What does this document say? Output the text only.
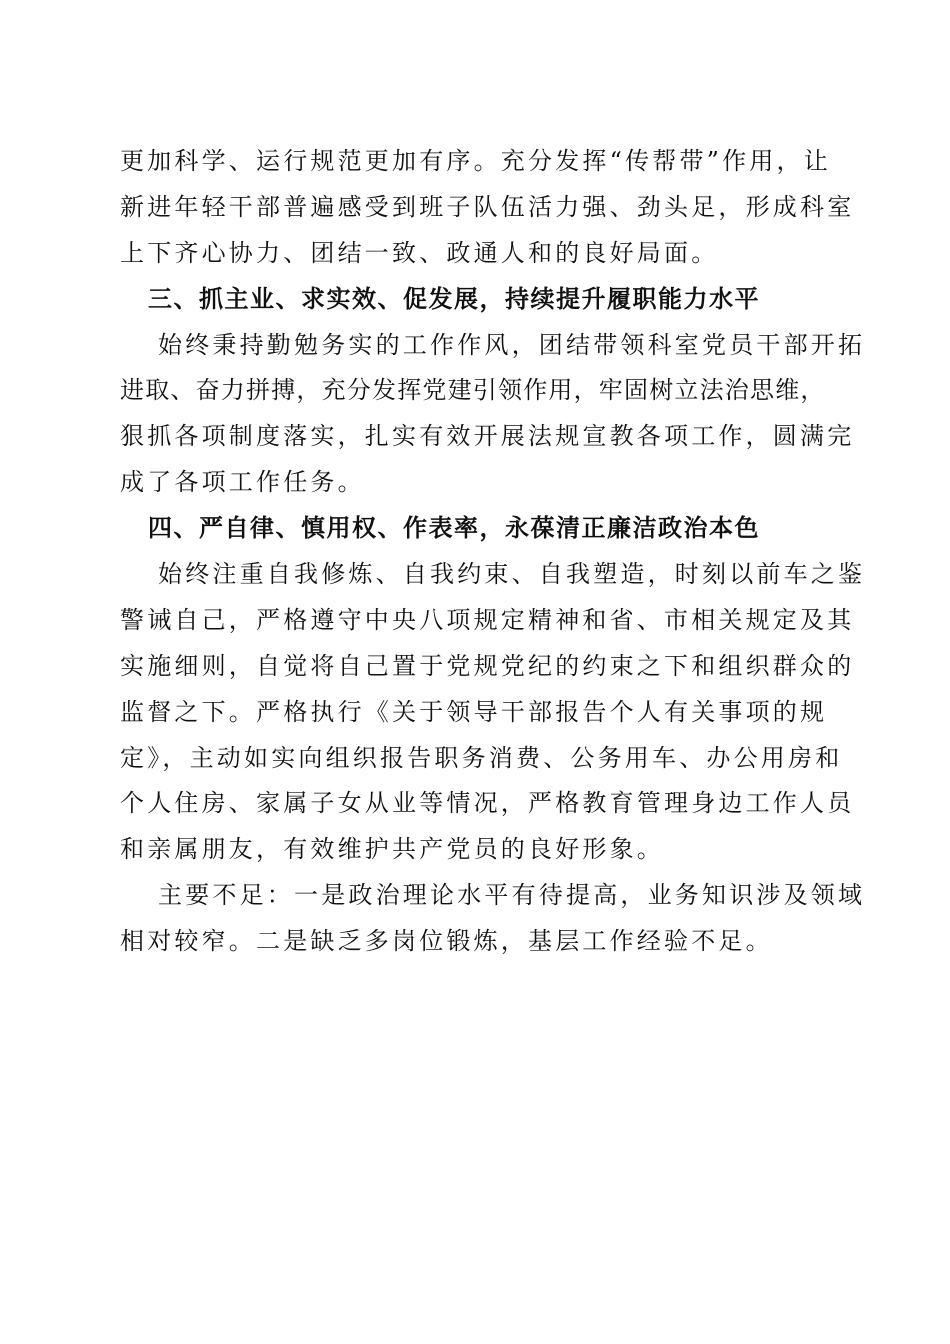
更加科学、运行规范更加有序。充分发挥“传帮带”作用，让
新进年轻干部普遍感受到班子队伍活力强、劲头足，形成科室
上下齐心协力、团结一致、政通人和的良好局面。
三、抓主业、求实效、促发展，持续提升履职能力水平
始终秉持勤勉务实的工作作风，团结带领科室党员干部开拓
进取、奋力拼搏，充分发挥党建引领作用，牢固树立法治思维，
狠抓各项制度落实，扎实有效开展法规宣教各项工作，圆满完
成了各项工作任务。
四、严自律、慎用权、作表率，永葆清正廉洁政治本色
始终注重自我修炼、自我约束、自我塑造，时刻以前车之鉴
警诫自己，严格遵守中央八项规定精神和省、市相关规定及其
实施细则，自觉将自己置于党规党纪的约束之下和组织群众的
监督之下。严格执行《关于领导干部报告个人有关事项的规
定》，主动如实向组织报告职务消费、公务用车、办公用房和
个人住房、家属子女从业等情况，严格教育管理身边工作人员
和亲属朋友，有效维护共产党员的良好形象。
主要不足：一是政治理论水平有待提高，业务知识涉及领域
相对较窄。二是缺乏多岗位锻炼，基层工作经验不足。
